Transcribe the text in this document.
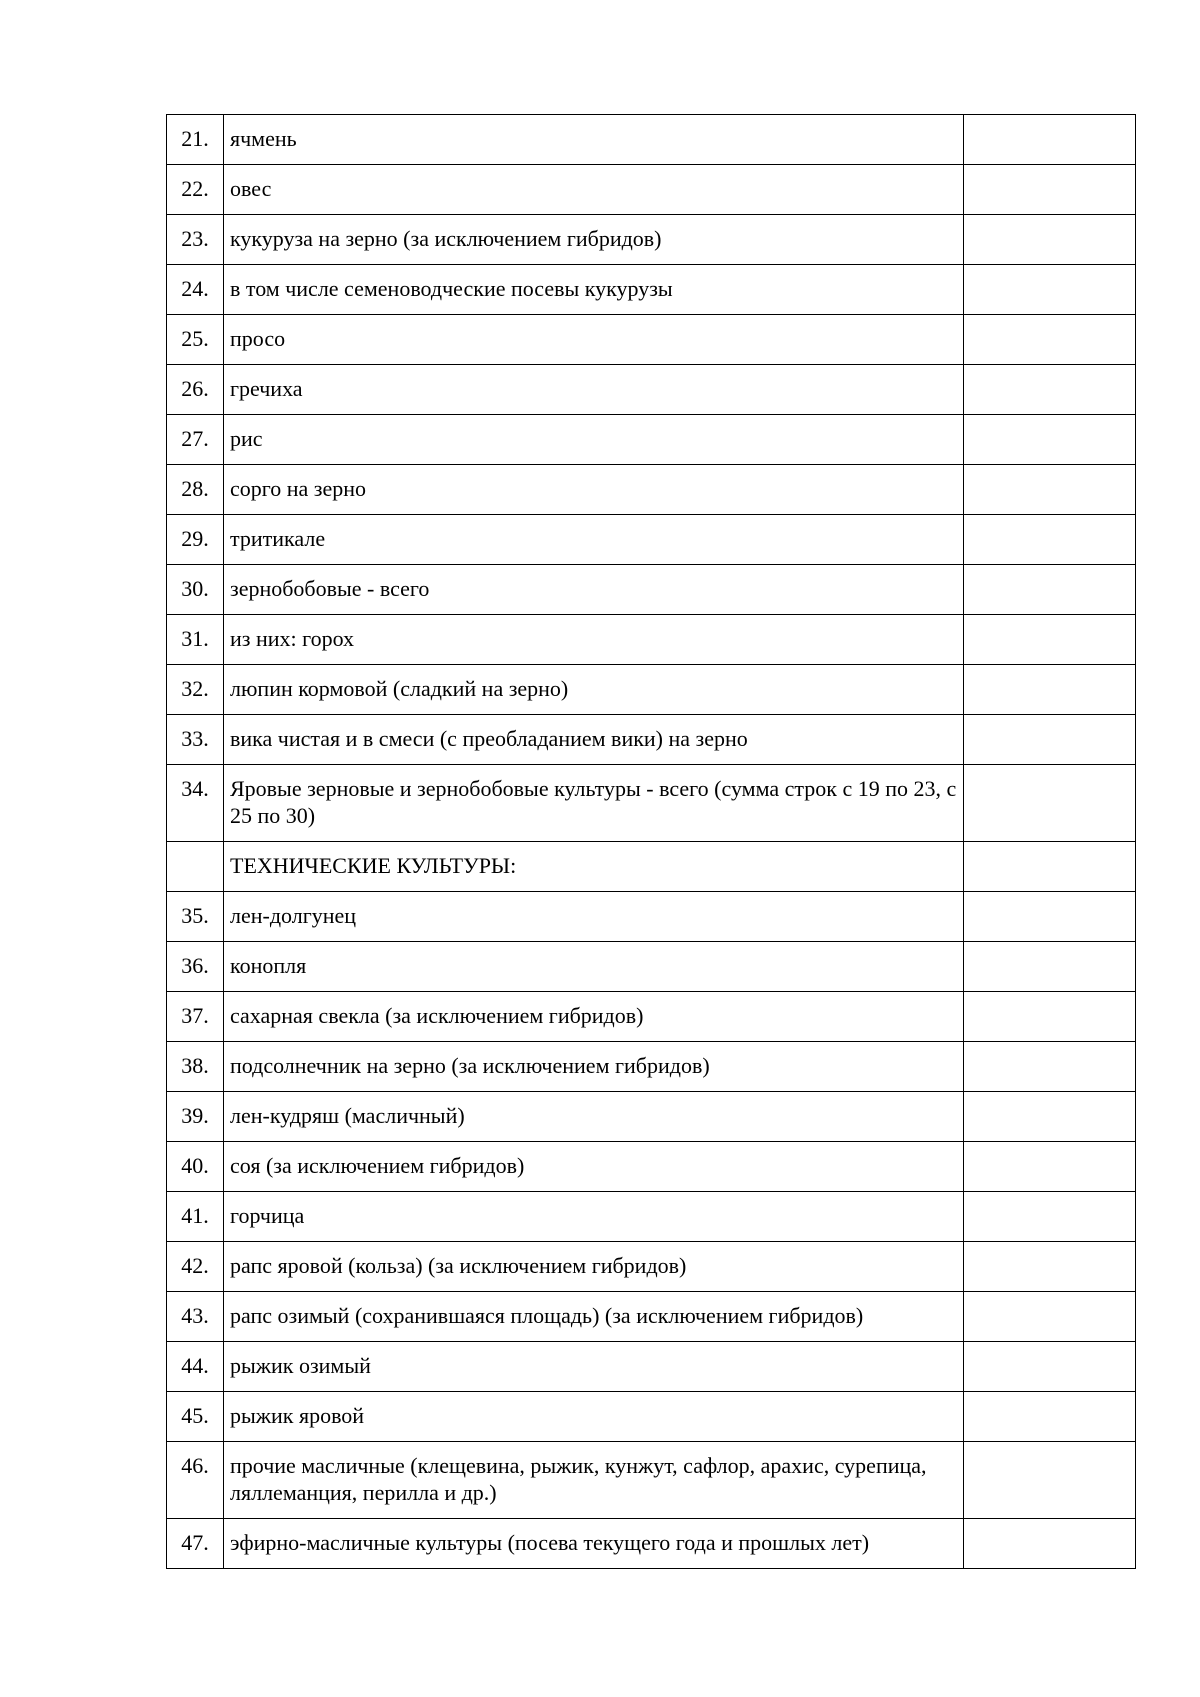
21.	ячмень	
22.	овес	
23.	кукуруза на зерно (за исключением гибридов)	
24.	в том числе семеноводческие посевы кукурузы	
25.	просо	
26.	гречиха	
27.	рис	
28.	сорго на зерно	
29.	тритикале	
30.	зернобобовые - всего	
31.	из них: горох	
32.	люпин кормовой (сладкий на зерно)	
33.	вика чистая и в смеси (с преобладанием вики) на зерно	
34.	Яровые зерновые и зернобобовые культуры - всего (сумма строк с 19 по 23, с 25 по 30)	
	ТЕХНИЧЕСКИЕ КУЛЬТУРЫ:	
35.	лен-долгунец	
36.	конопля	
37.	сахарная свекла (за исключением гибридов)	
38.	подсолнечник на зерно (за исключением гибридов)	
39.	лен-кудряш (масличный)	
40.	соя (за исключением гибридов)	
41.	горчица	
42.	рапс яровой (кольза) (за исключением гибридов)	
43.	рапс озимый (сохранившаяся площадь) (за исключением гибридов)	
44.	рыжик озимый	
45.	рыжик яровой	
46.	прочие масличные (клещевина, рыжик, кунжут, сафлор, арахис, сурепица, ляллеманция, перилла и др.)	
47.	эфирно-масличные культуры (посева текущего года и прошлых лет)	
